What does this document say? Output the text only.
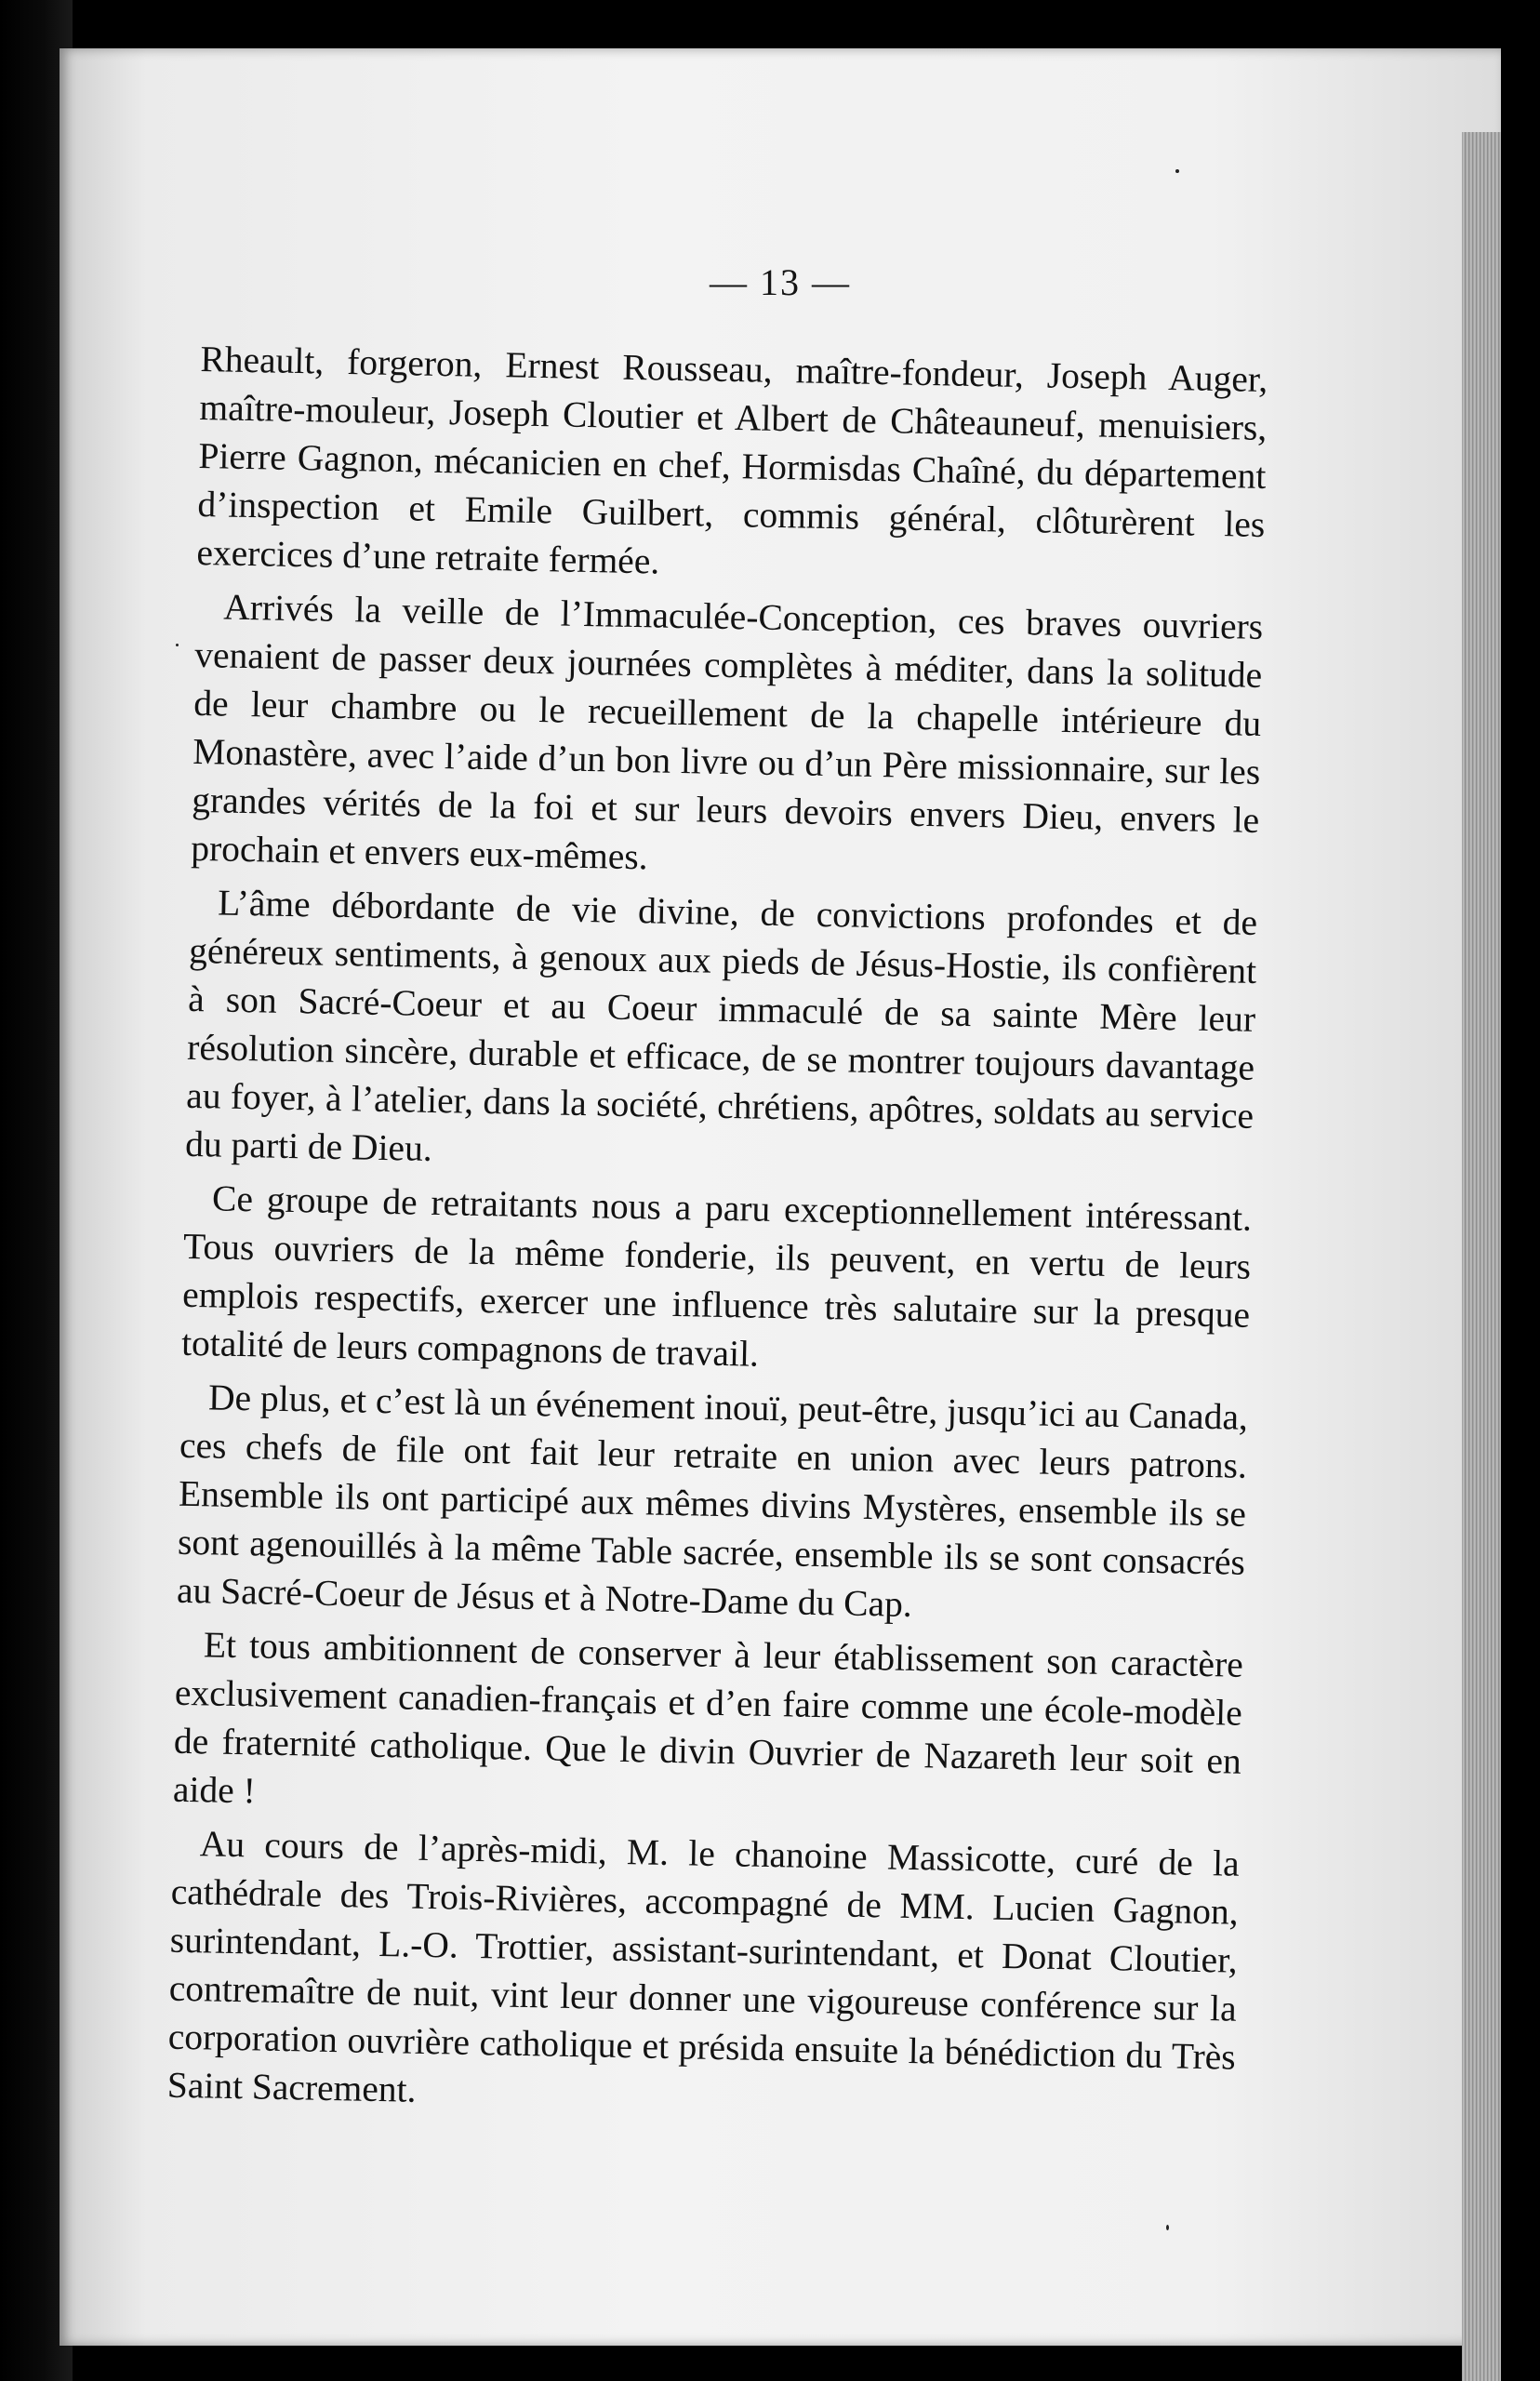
— 13 —

Rheault, forgeron, Ernest Rousseau, maître-fondeur, Joseph Auger, maître-mouleur, Joseph Cloutier et Albert de Châteauneuf, menuisiers, Pierre Gagnon, mécanicien en chef, Hormisdas Chaîné, du département d’inspection et Emile Guilbert, commis général, clôturèrent les exercices d’une retraite fermée.

Arrivés la veille de l’Immaculée-Conception, ces braves ouvriers venaient de passer deux journées complètes à méditer, dans la solitude de leur chambre ou le recueillement de la chapelle intérieure du Monastère, avec l’aide d’un bon livre ou d’un Père missionnaire, sur les grandes vérités de la foi et sur leurs devoirs envers Dieu, envers le prochain et envers eux-mêmes.

L’âme débordante de vie divine, de convictions profondes et de généreux sentiments, à genoux aux pieds de Jésus-Hostie, ils confièrent à son Sacré-Coeur et au Coeur immaculé de sa sainte Mère leur résolution sincère, durable et efficace, de se montrer toujours davantage au foyer, à l’atelier, dans la société, chrétiens, apôtres, soldats au service du parti de Dieu.

Ce groupe de retraitants nous a paru exceptionnellement intéressant. Tous ouvriers de la même fonderie, ils peuvent, en vertu de leurs emplois respectifs, exercer une influence très salutaire sur la presque totalité de leurs compagnons de travail.

De plus, et c’est là un événement inouï, peut-être, jusqu’ici au Canada, ces chefs de file ont fait leur retraite en union avec leurs patrons. Ensemble ils ont participé aux mêmes divins Mystères, ensemble ils se sont agenouillés à la même Table sacrée, ensemble ils se sont consacrés au Sacré-Coeur de Jésus et à Notre-Dame du Cap.

Et tous ambitionnent de conserver à leur établissement son caractère exclusivement canadien-français et d’en faire comme une école-modèle de fraternité catholique. Que le divin Ouvrier de Nazareth leur soit en aide !

Au cours de l’après-midi, M. le chanoine Massicotte, curé de la cathédrale des Trois-Rivières, accompagné de MM. Lucien Gagnon, surintendant, L.-O. Trottier, assistant-surintendant, et Donat Cloutier, contremaître de nuit, vint leur donner une vigoureuse conférence sur la corporation ouvrière catholique et présida ensuite la bénédiction du Très Saint Sacrement.
